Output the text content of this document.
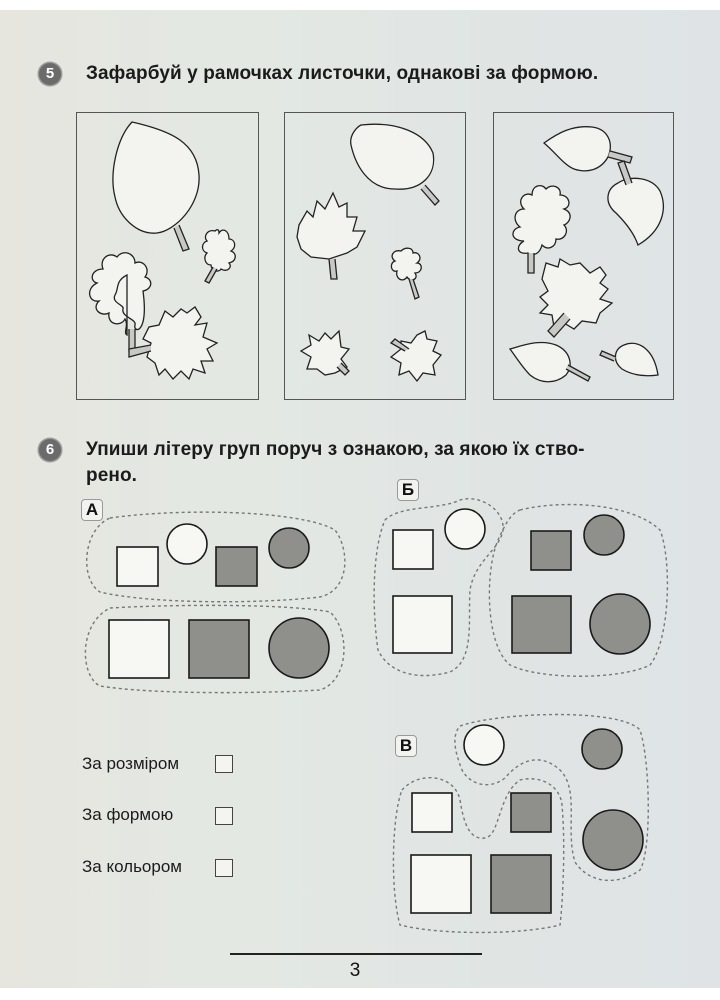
5	Зафарбуй у рамочках листочки, однакові за формою.
6	Упиши літеру груп поруч з ознакою, за якою їх ство-
рено.
А
Б
В
За розміром
За формою
За кольором
3
